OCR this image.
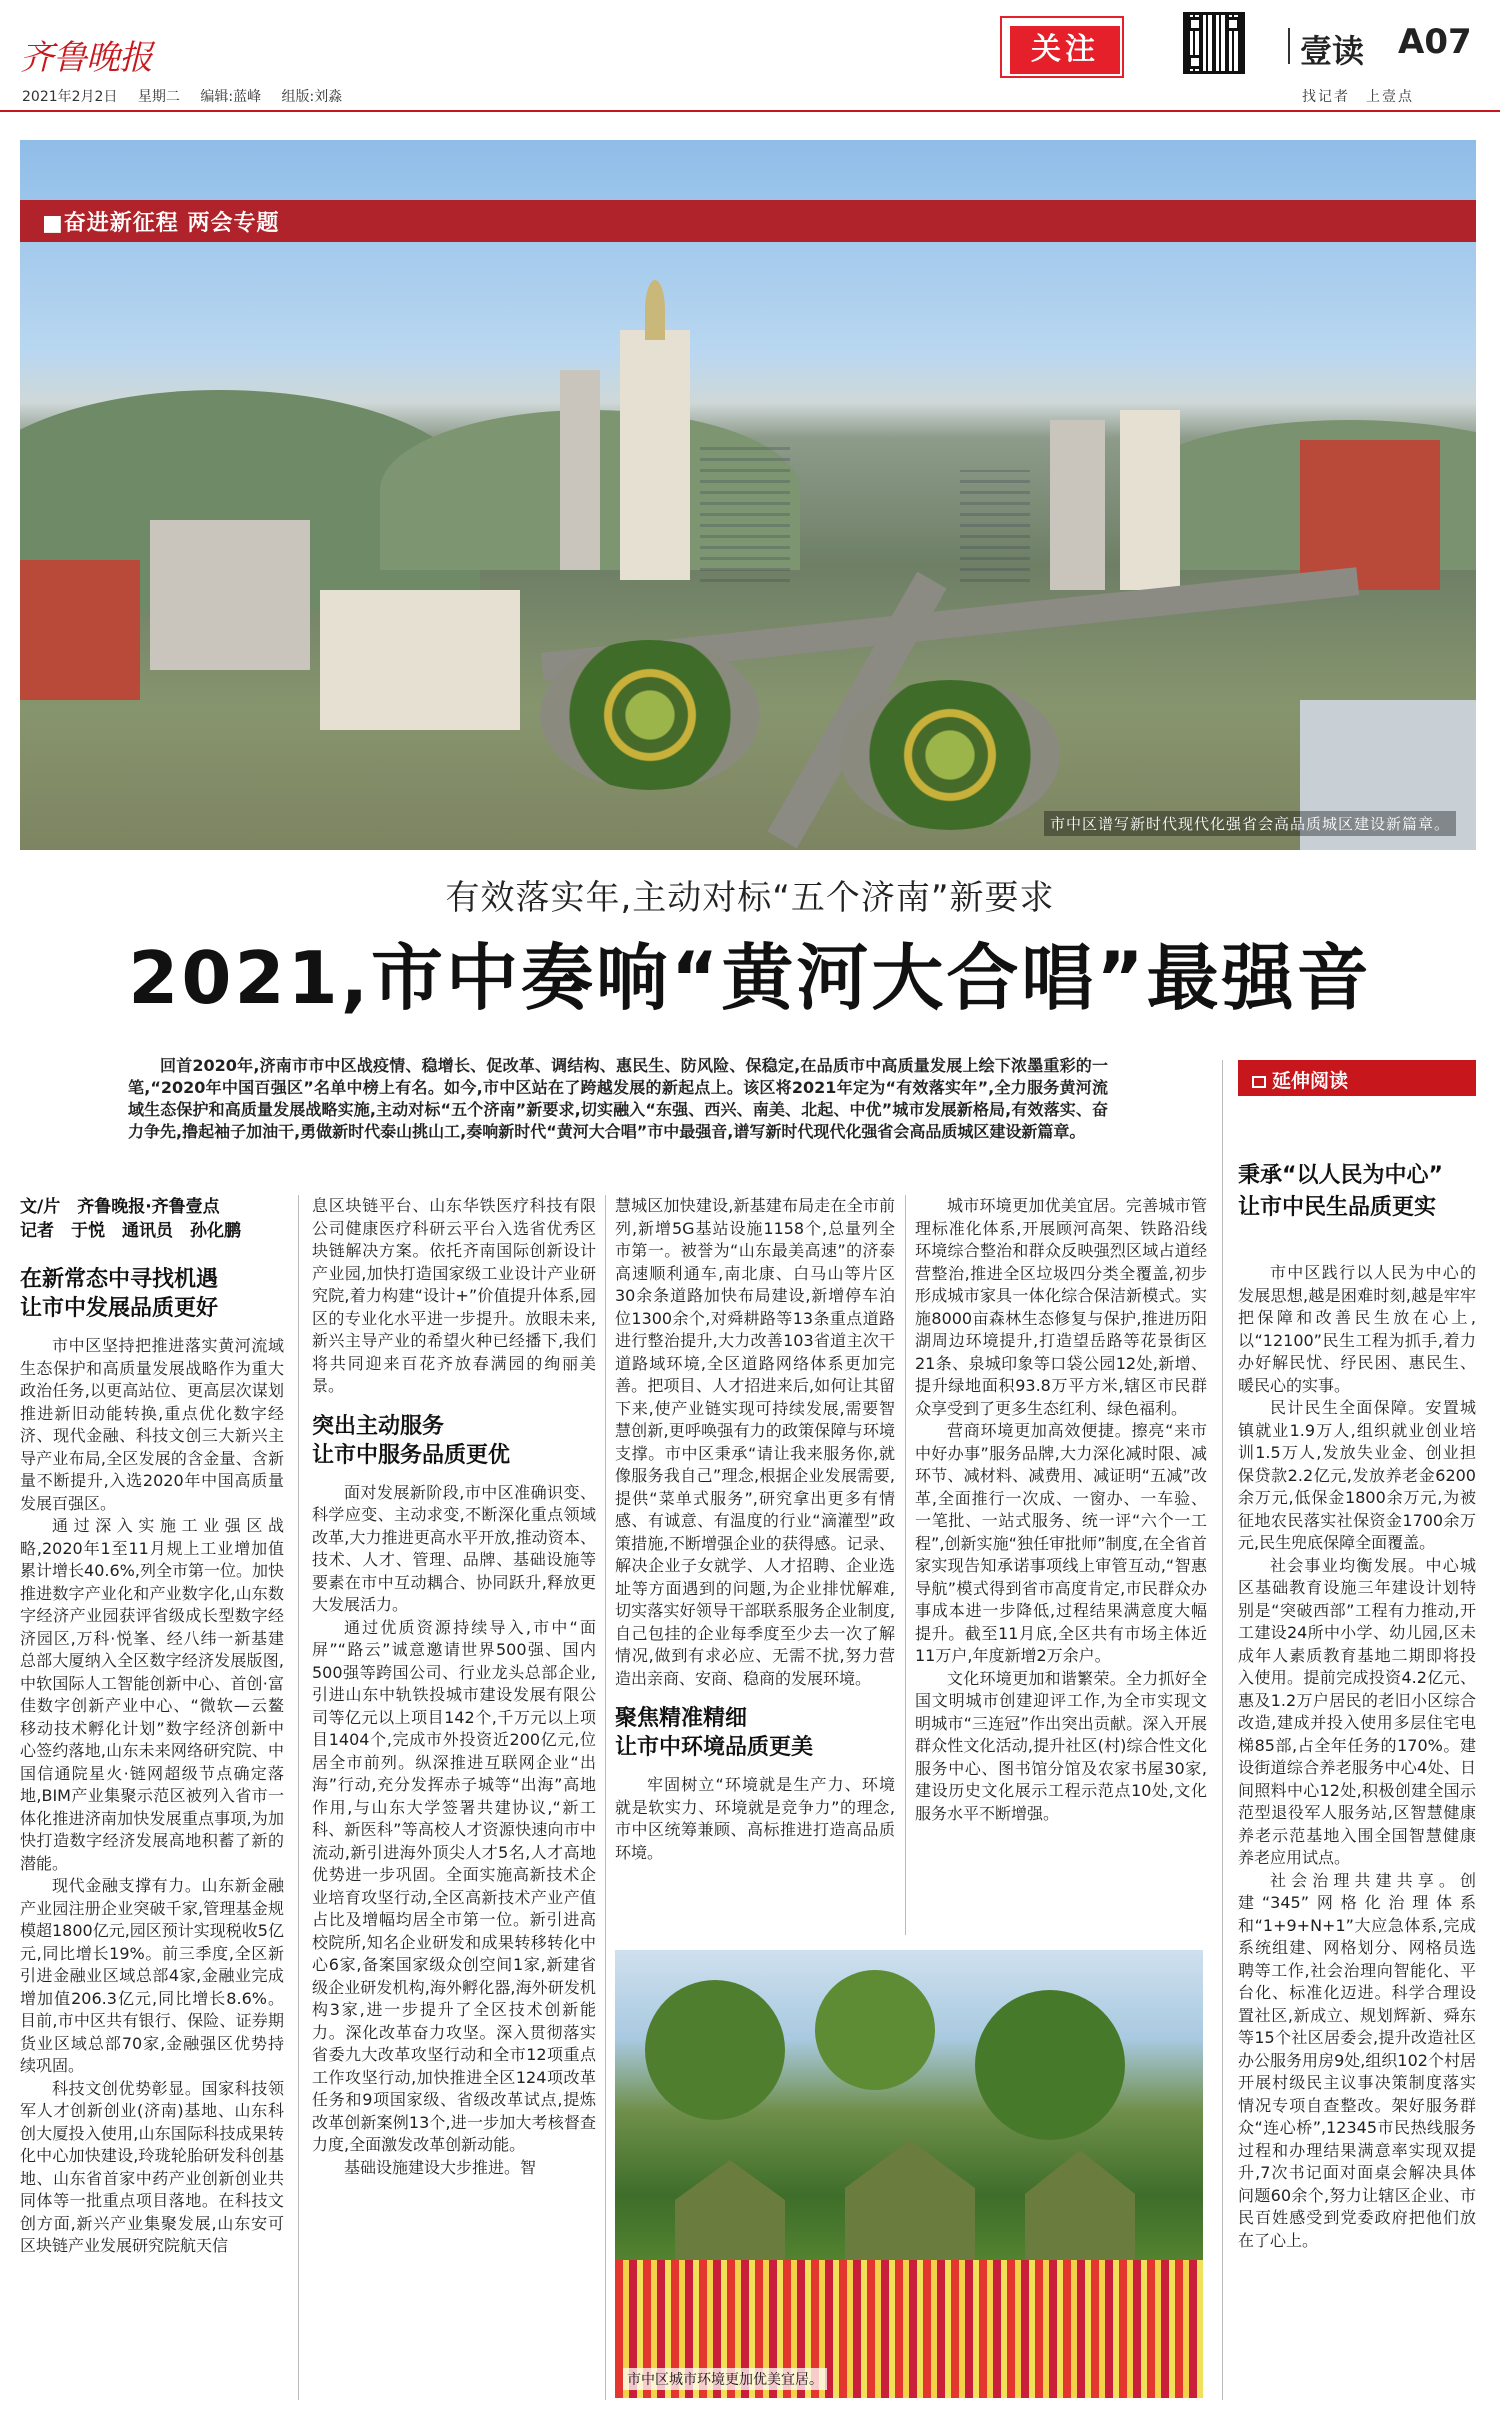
齐鲁晚报
2021年2月2日 星期二 编辑:蓝峰 组版:刘淼
关注	壹读 A07
找记者　上壹点
■奋进新征程 两会专题
市中区谱写新时代现代化强省会高品质城区建设新篇章。
有效落实年,主动对标“五个济南”新要求
2021,市中奏响“黄河大合唱”最强音
回首2020年,济南市市中区战疫情、稳增长、促改革、调结构、惠民生、防风险、保稳定,在品质市中高质量发展上绘下浓墨重彩的一笔,“2020年中国百强区”名单中榜上有名。如今,市中区站在了跨越发展的新起点上。该区将2021年定为“有效落实年”,全力服务黄河流域生态保护和高质量发展战略实施,主动对标“五个济南”新要求,切实融入“东强、西兴、南美、北起、中优”城市发展新格局,有效落实、奋力争先,撸起袖子加油干,勇做新时代泰山挑山工,奏响新时代“黄河大合唱”市中最强音,谱写新时代现代化强省会高品质城区建设新篇章。
文/片　齐鲁晚报·齐鲁壹点
记者　于悦　通讯员　孙化鹏
在新常态中寻找机遇
让市中发展品质更好

市中区坚持把推进落实黄河流域生态保护和高质量发展战略作为重大政治任务,以更高站位、更高层次谋划推进新旧动能转换,重点优化数字经济、现代金融、科技文创三大新兴主导产业布局,全区发展的含金量、含新量不断提升,入选2020年中国高质量发展百强区。

通过深入实施工业强区战略,2020年1至11月规上工业增加值累计增长40.6%,列全市第一位。加快推进数字产业化和产业数字化,山东数字经济产业园获评省级成长型数字经济园区,万科·悦峯、经八纬一新基建总部大厦纳入全区数字经济发展版图,中软国际人工智能创新中心、首创·富佳数字创新产业中心、“微软—云鳌移动技术孵化计划”数字经济创新中心签约落地,山东未来网络研究院、中国信通院星火·链网超级节点确定落地,BIM产业集聚示范区被列入省市一体化推进济南加快发展重点事项,为加快打造数字经济发展高地积蓄了新的潜能。

现代金融支撑有力。山东新金融产业园注册企业突破千家,管理基金规模超1800亿元,园区预计实现税收5亿元,同比增长19%。前三季度,全区新引进金融业区域总部4家,金融业完成增加值206.3亿元,同比增长8.6%。目前,市中区共有银行、保险、证券期货业区域总部70家,金融强区优势持续巩固。

科技文创优势彰显。国家科技领军人才创新创业(济南)基地、山东科创大厦投入使用,山东国际科技成果转化中心加快建设,玲珑轮胎研发科创基地、山东省首家中药产业创新创业共同体等一批重点项目落地。在科技文创方面,新兴产业集聚发展,山东安可区块链产业发展研究院航天信

息区块链平台、山东华铁医疗科技有限公司健康医疗科研云平台入选省优秀区块链解决方案。依托齐南国际创新设计产业园,加快打造国家级工业设计产业研究院,着力构建“设计+”价值提升体系,园区的专业化水平进一步提升。放眼未来,新兴主导产业的希望火种已经播下,我们将共同迎来百花齐放春满园的绚丽美景。

突出主动服务
让市中服务品质更优

面对发展新阶段,市中区准确识变、科学应变、主动求变,不断深化重点领域改革,大力推进更高水平开放,推动资本、技术、人才、管理、品牌、基础设施等要素在市中互动耦合、协同跃升,释放更大发展活力。

通过优质资源持续导入,市中“面屏”“路云”诚意邀请世界500强、国内500强等跨国公司、行业龙头总部企业,引进山东中轨铁投城市建设发展有限公司等亿元以上项目142个,千万元以上项目1404个,完成市外投资近200亿元,位居全市前列。纵深推进互联网企业“出海”行动,充分发挥赤子城等“出海”高地作用,与山东大学签署共建协议,“新工科、新医科”等高校人才资源快速向市中流动,新引进海外顶尖人才5名,人才高地优势进一步巩固。全面实施高新技术企业培育攻坚行动,全区高新技术产业产值占比及增幅均居全市第一位。新引进高校院所,知名企业研发和成果转移转化中心6家,备案国家级众创空间1家,新建省级企业研发机构,海外孵化器,海外研发机构3家,进一步提升了全区技术创新能力。深化改革奋力攻坚。深入贯彻落实省委九大改革攻坚行动和全市12项重点工作攻坚行动,加快推进全区124项改革任务和9项国家级、省级改革试点,提炼改革创新案例13个,进一步加大考核督查力度,全面激发改革创新动能。

基础设施建设大步推进。智

慧城区加快建设,新基建布局走在全市前列,新增5G基站设施1158个,总量列全市第一。被誉为“山东最美高速”的济泰高速顺利通车,南北康、白马山等片区30余条道路加快布局建设,新增停车泊位1300余个,对舜耕路等13条重点道路进行整治提升,大力改善103省道主次干道路域环境,全区道路网络体系更加完善。把项目、人才招进来后,如何让其留下来,使产业链实现可持续发展,需要智慧创新,更呼唤强有力的政策保障与环境支撑。市中区秉承“请让我来服务你,就像服务我自己”理念,根据企业发展需要,提供“菜单式服务”,研究拿出更多有情感、有诚意、有温度的行业“滴灌型”政策措施,不断增强企业的获得感。记录、解决企业子女就学、人才招聘、企业选址等方面遇到的问题,为企业排忧解难,切实落实好领导干部联系服务企业制度,自己包挂的企业每季度至少去一次了解情况,做到有求必应、无需不扰,努力营造出亲商、安商、稳商的发展环境。

聚焦精准精细
让市中环境品质更美

牢固树立“环境就是生产力、环境就是软实力、环境就是竞争力”的理念,市中区统筹兼顾、高标推进打造高品质环境。

城市环境更加优美宜居。完善城市管理标准化体系,开展顾河高架、铁路沿线环境综合整治和群众反映强烈区域占道经营整治,推进全区垃圾四分类全覆盖,初步形成城市家具一体化综合保洁新模式。实施8000亩森林生态修复与保护,推进历阳湖周边环境提升,打造望岳路等花景街区21条、泉城印象等口袋公园12处,新增、提升绿地面积93.8万平方米,辖区市民群众享受到了更多生态红利、绿色福利。

营商环境更加高效便捷。擦亮“来市中好办事”服务品牌,大力深化减时限、减环节、减材料、减费用、减证明“五减”改革,全面推行一次成、一窗办、一车验、一笔批、一站式服务、统一评“六个一工程”,创新实施“独任审批师”制度,在全省首家实现告知承诺事项线上审管互动,“智惠导航”模式得到省市高度肯定,市民群众办事成本进一步降低,过程结果满意度大幅提升。截至11月底,全区共有市场主体近11万户,年度新增2万余户。

文化环境更加和谐繁荣。全力抓好全国文明城市创建迎评工作,为全市实现文明城市“三连冠”作出突出贡献。深入开展群众性文化活动,提升社区(村)综合性文化服务中心、图书馆分馆及农家书屋30家,建设历史文化展示工程示范点10处,文化服务水平不断增强。

市中区城市环境更加优美宜居。
延伸阅读
秉承“以人民为中心”
让市中民生品质更实

市中区践行以人民为中心的发展思想,越是困难时刻,越是牢牢把保障和改善民生放在心上,以“12100”民生工程为抓手,着力办好解民忧、纾民困、惠民生、暖民心的实事。

民计民生全面保障。安置城镇就业1.9万人,组织就业创业培训1.5万人,发放失业金、创业担保贷款2.2亿元,发放养老金6200余万元,低保金1800余万元,为被征地农民落实社保资金1700余万元,民生兜底保障全面覆盖。

社会事业均衡发展。中心城区基础教育设施三年建设计划特别是“突破西部”工程有力推动,开工建设24所中小学、幼儿园,区未成年人素质教育基地二期即将投入使用。提前完成投资4.2亿元、惠及1.2万户居民的老旧小区综合改造,建成并投入使用多层住宅电梯85部,占全年任务的170%。建设街道综合养老服务中心4处、日间照料中心12处,积极创建全国示范型退役军人服务站,区智慧健康养老示范基地入围全国智慧健康养老应用试点。

社会治理共建共享。创建“345”网格化治理体系和“1+9+N+1”大应急体系,完成系统组建、网格划分、网格员选聘等工作,社会治理向智能化、平台化、标准化迈进。科学合理设置社区,新成立、规划辉新、舜东等15个社区居委会,提升改造社区办公服务用房9处,组织102个村居开展村级民主议事决策制度落实情况专项自查整改。架好服务群众“连心桥”,12345市民热线服务过程和办理结果满意率实现双提升,7次书记面对面桌会解决具体问题60余个,努力让辖区企业、市民百姓感受到党委政府把他们放在了心上。
